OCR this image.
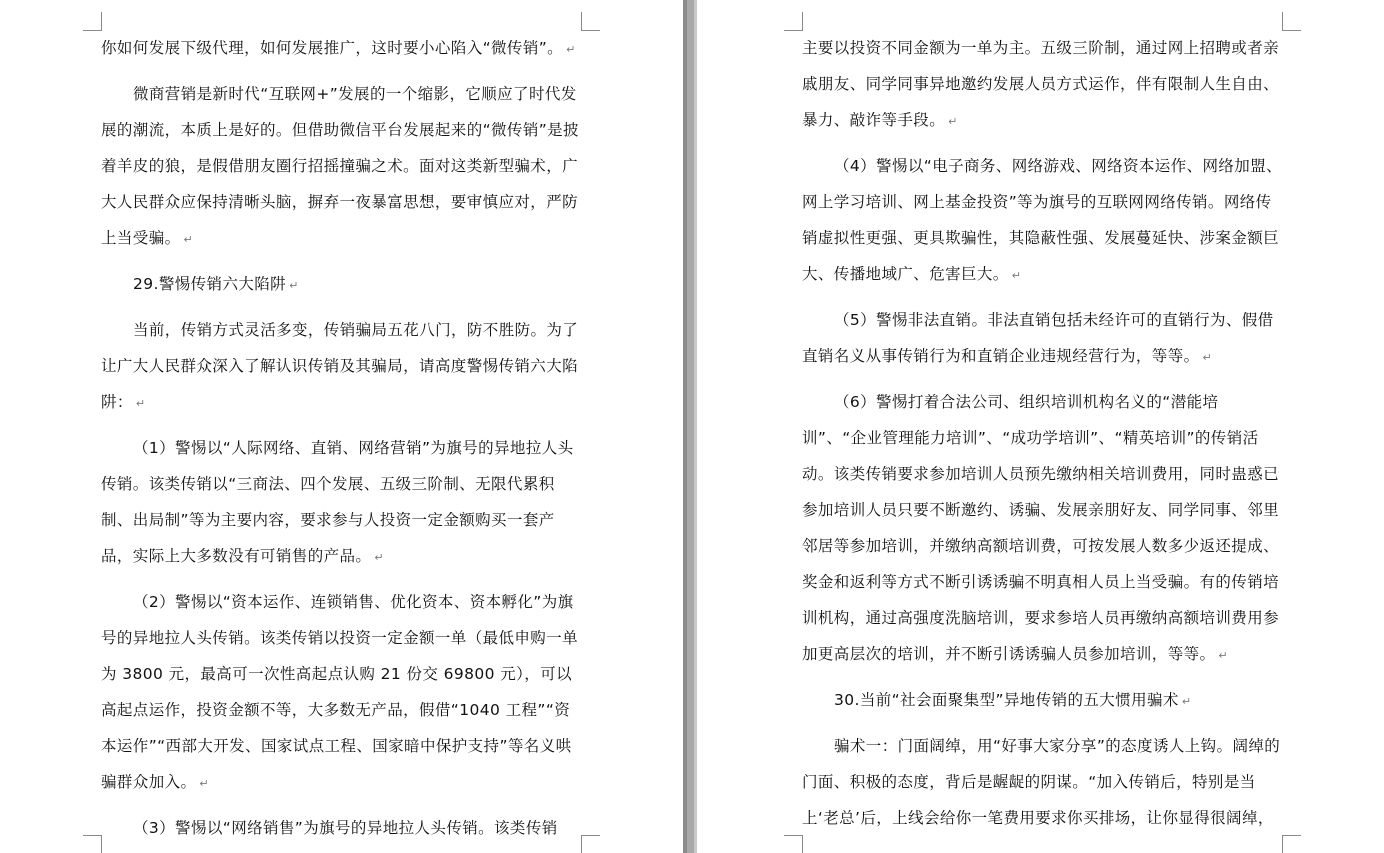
你如何发展下级代理，如何发展推广，这时要小心陷入“微传销”。 ↵

微商营销是新时代“互联网+”发展的一个缩影，它顺应了时代发展的潮流，本质上是好的。但借助微信平台发展起来的“微传销”是披着羊皮的狼，是假借朋友圈行招摇撞骗之术。面对这类新型骗术，广大人民群众应保持清晰头脑，摒弃一夜暴富思想，要审慎应对，严防上当受骗。 ↵

29.警惕传销六大陷阱 ↵

当前，传销方式灵活多变，传销骗局五花八门，防不胜防。为了让广大人民群众深入了解认识传销及其骗局，请高度警惕传销六大陷阱： ↵

（1）警惕以“人际网络、直销、网络营销”为旗号的异地拉人头传销。该类传销以“三商法、四个发展、五级三阶制、无限代累积制、出局制”等为主要内容，要求参与人投资一定金额购买一套产品，实际上大多数没有可销售的产品。 ↵

（2）警惕以“资本运作、连锁销售、优化资本、资本孵化”为旗号的异地拉人头传销。该类传销以投资一定金额一单（最低申购一单为 3800 元，最高可一次性高起点认购 21 份交 69800 元），可以高起点运作，投资金额不等，大多数无产品，假借“1040 工程”“资本运作”“西部大开发、国家试点工程、国家暗中保护支持”等名义哄骗群众加入。 ↵

（3）警惕以“网络销售”为旗号的异地拉人头传销。该类传销

主要以投资不同金额为一单为主。五级三阶制，通过网上招聘或者亲戚朋友、同学同事异地邀约发展人员方式运作，伴有限制人生自由、暴力、敲诈等手段。 ↵

（4）警惕以“电子商务、网络游戏、网络资本运作、网络加盟、网上学习培训、网上基金投资”等为旗号的互联网网络传销。网络传销虚拟性更强、更具欺骗性，其隐蔽性强、发展蔓延快、涉案金额巨大、传播地域广、危害巨大。 ↵

（5）警惕非法直销。非法直销包括未经许可的直销行为、假借直销名义从事传销行为和直销企业违规经营行为，等等。 ↵

（6）警惕打着合法公司、组织培训机构名义的“潜能培训”、“企业管理能力培训”、“成功学培训”、“精英培训”的传销活动。该类传销要求参加培训人员预先缴纳相关培训费用，同时蛊惑已参加培训人员只要不断邀约、诱骗、发展亲朋好友、同学同事、邻里邻居等参加培训，并缴纳高额培训费，可按发展人数多少返还提成、奖金和返利等方式不断引诱诱骗不明真相人员上当受骗。有的传销培训机构，通过高强度洗脑培训，要求参培人员再缴纳高额培训费用参加更高层次的培训，并不断引诱诱骗人员参加培训，等等。 ↵

30.当前“社会面聚集型”异地传销的五大惯用骗术 ↵

骗术一：门面阔绰，用“好事大家分享”的态度诱人上钩。阔绰的门面、积极的态度，背后是龌龊的阴谋。“加入传销后，特别是当上‘老总’后，上线会给你一笔费用要求你买排场，让你显得很阔绰，
